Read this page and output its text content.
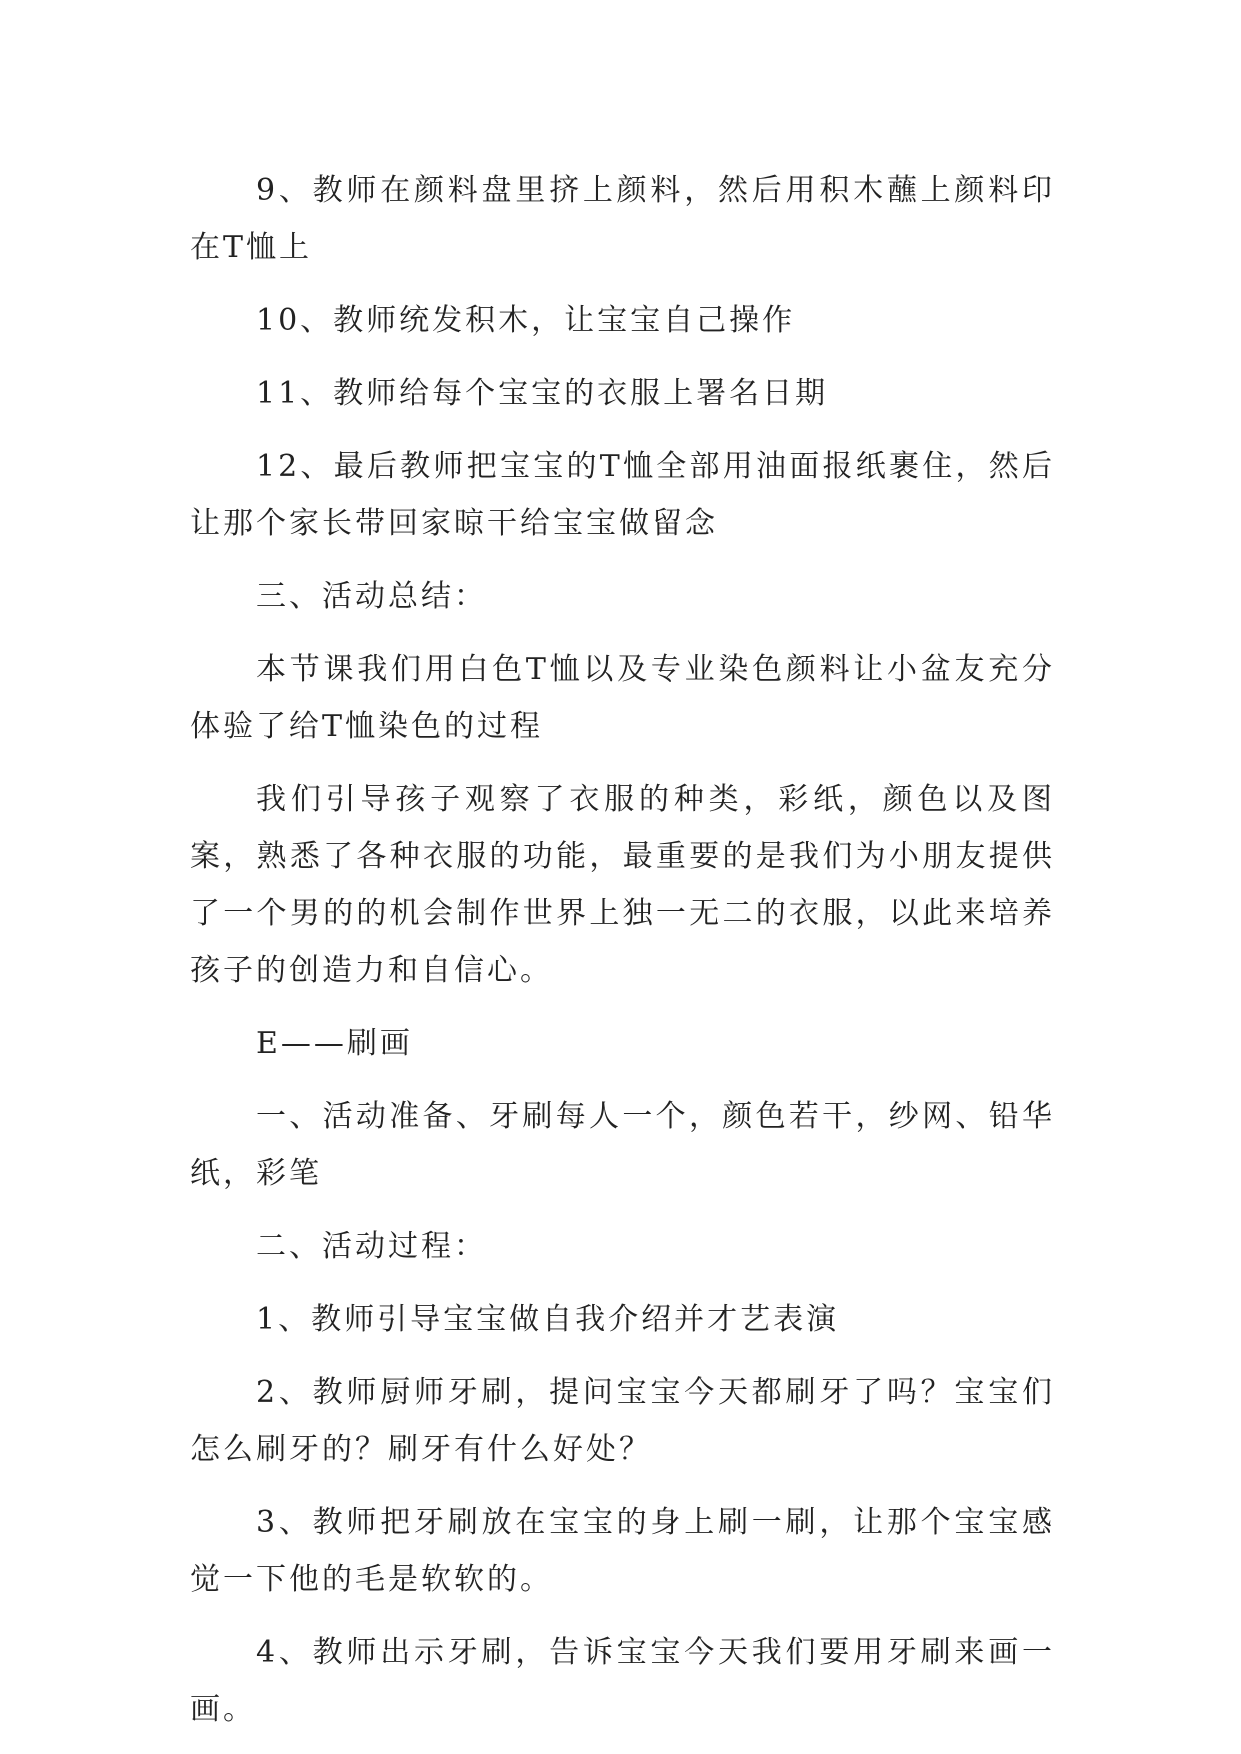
9、教师在颜料盘里挤上颜料，然后用积木蘸上颜料印在T恤上

10、教师统发积木，让宝宝自己操作

11、教师给每个宝宝的衣服上署名日期

12、最后教师把宝宝的T恤全部用油面报纸裹住，然后让那个家长带回家晾干给宝宝做留念

三、活动总结：

本节课我们用白色T恤以及专业染色颜料让小盆友充分体验了给T恤染色的过程

我们引导孩子观察了衣服的种类，彩纸，颜色以及图案，熟悉了各种衣服的功能，最重要的是我们为小朋友提供了一个男的的机会制作世界上独一无二的衣服，以此来培养孩子的创造力和自信心。

E——刷画

一、活动准备、牙刷每人一个，颜色若干，纱网、铅华纸，彩笔

二、活动过程：

1、教师引导宝宝做自我介绍并才艺表演

2、教师厨师牙刷，提问宝宝今天都刷牙了吗？宝宝们怎么刷牙的？刷牙有什么好处？

3、教师把牙刷放在宝宝的身上刷一刷，让那个宝宝感觉一下他的毛是软软的。

4、教师出示牙刷，告诉宝宝今天我们要用牙刷来画一画。
